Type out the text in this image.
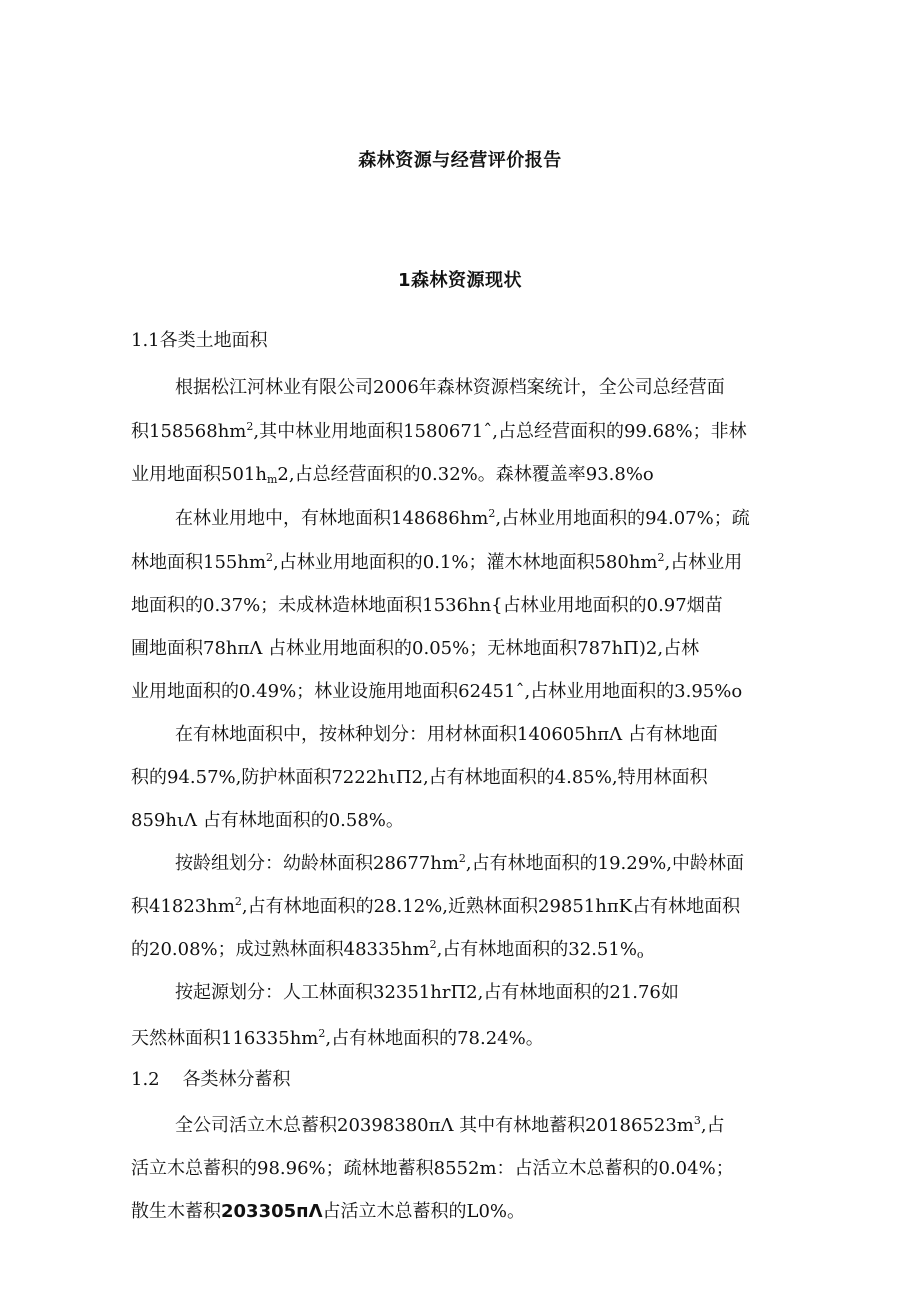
森林资源与经营评价报告
1森林资源现状
1.1各类土地面积
根据松江河林业有限公司2006年森林资源档案统计，全公司总经营面
积$158568hm^2$,其中林业用地面积1580671ˆ,占总经营面积的99.68%；非林
业用地面积$501h_m2$,占总经营面积的0.32%。森林覆盖率93.8%o
在林业用地中，有林地面积$148686hm^2$,占林业用地面积的94.07%；疏
林地面积$155hm^2$,占林业用地面积的0.1%；灌木林地面积$580hm^2$,占林业用
地面积的0.37%；未成林造林地面积1536hn{占林业用地面积的0.97烟苗
圃地面积78hπΛ 占林业用地面积的0.05%；无林地面积787hΠ)2,占林
业用地面积的0.49%；林业设施用地面积62451ˆ,占林业用地面积的3.95%o
在有林地面积中，按林种划分：用材林面积140605hπΛ 占有林地面
积的94.57%,防护林面积7222hιΠ2,占有林地面积的4.85%,特用林面积
859hιΛ 占有林地面积的0.58%。
按龄组划分：幼龄林面积$28677hm^2$,占有林地面积的19.29%,中龄林面
积$41823hm^2$,占有林地面积的28.12%,近熟林面积29851hπK占有林地面积
的20.08%；成过熟林面积$48335hm^2$,占有林地面积的$32.51\%_o$
按起源划分：人工林面积32351hrΠ2,占有林地面积的21.76如
天然林面积$116335hm^2$,占有林地面积的78.24%。
1.2    各类林分蓄积
全公司活立木总蓄积20398380πΛ 其中有林地蓄积$20186523m^3$,占
活立木总蓄积的98.96%；疏林地蓄积8552m：占活立木总蓄积的0.04%；
散生木蓄积203305пΛ占活立木总蓄积的L0%。
